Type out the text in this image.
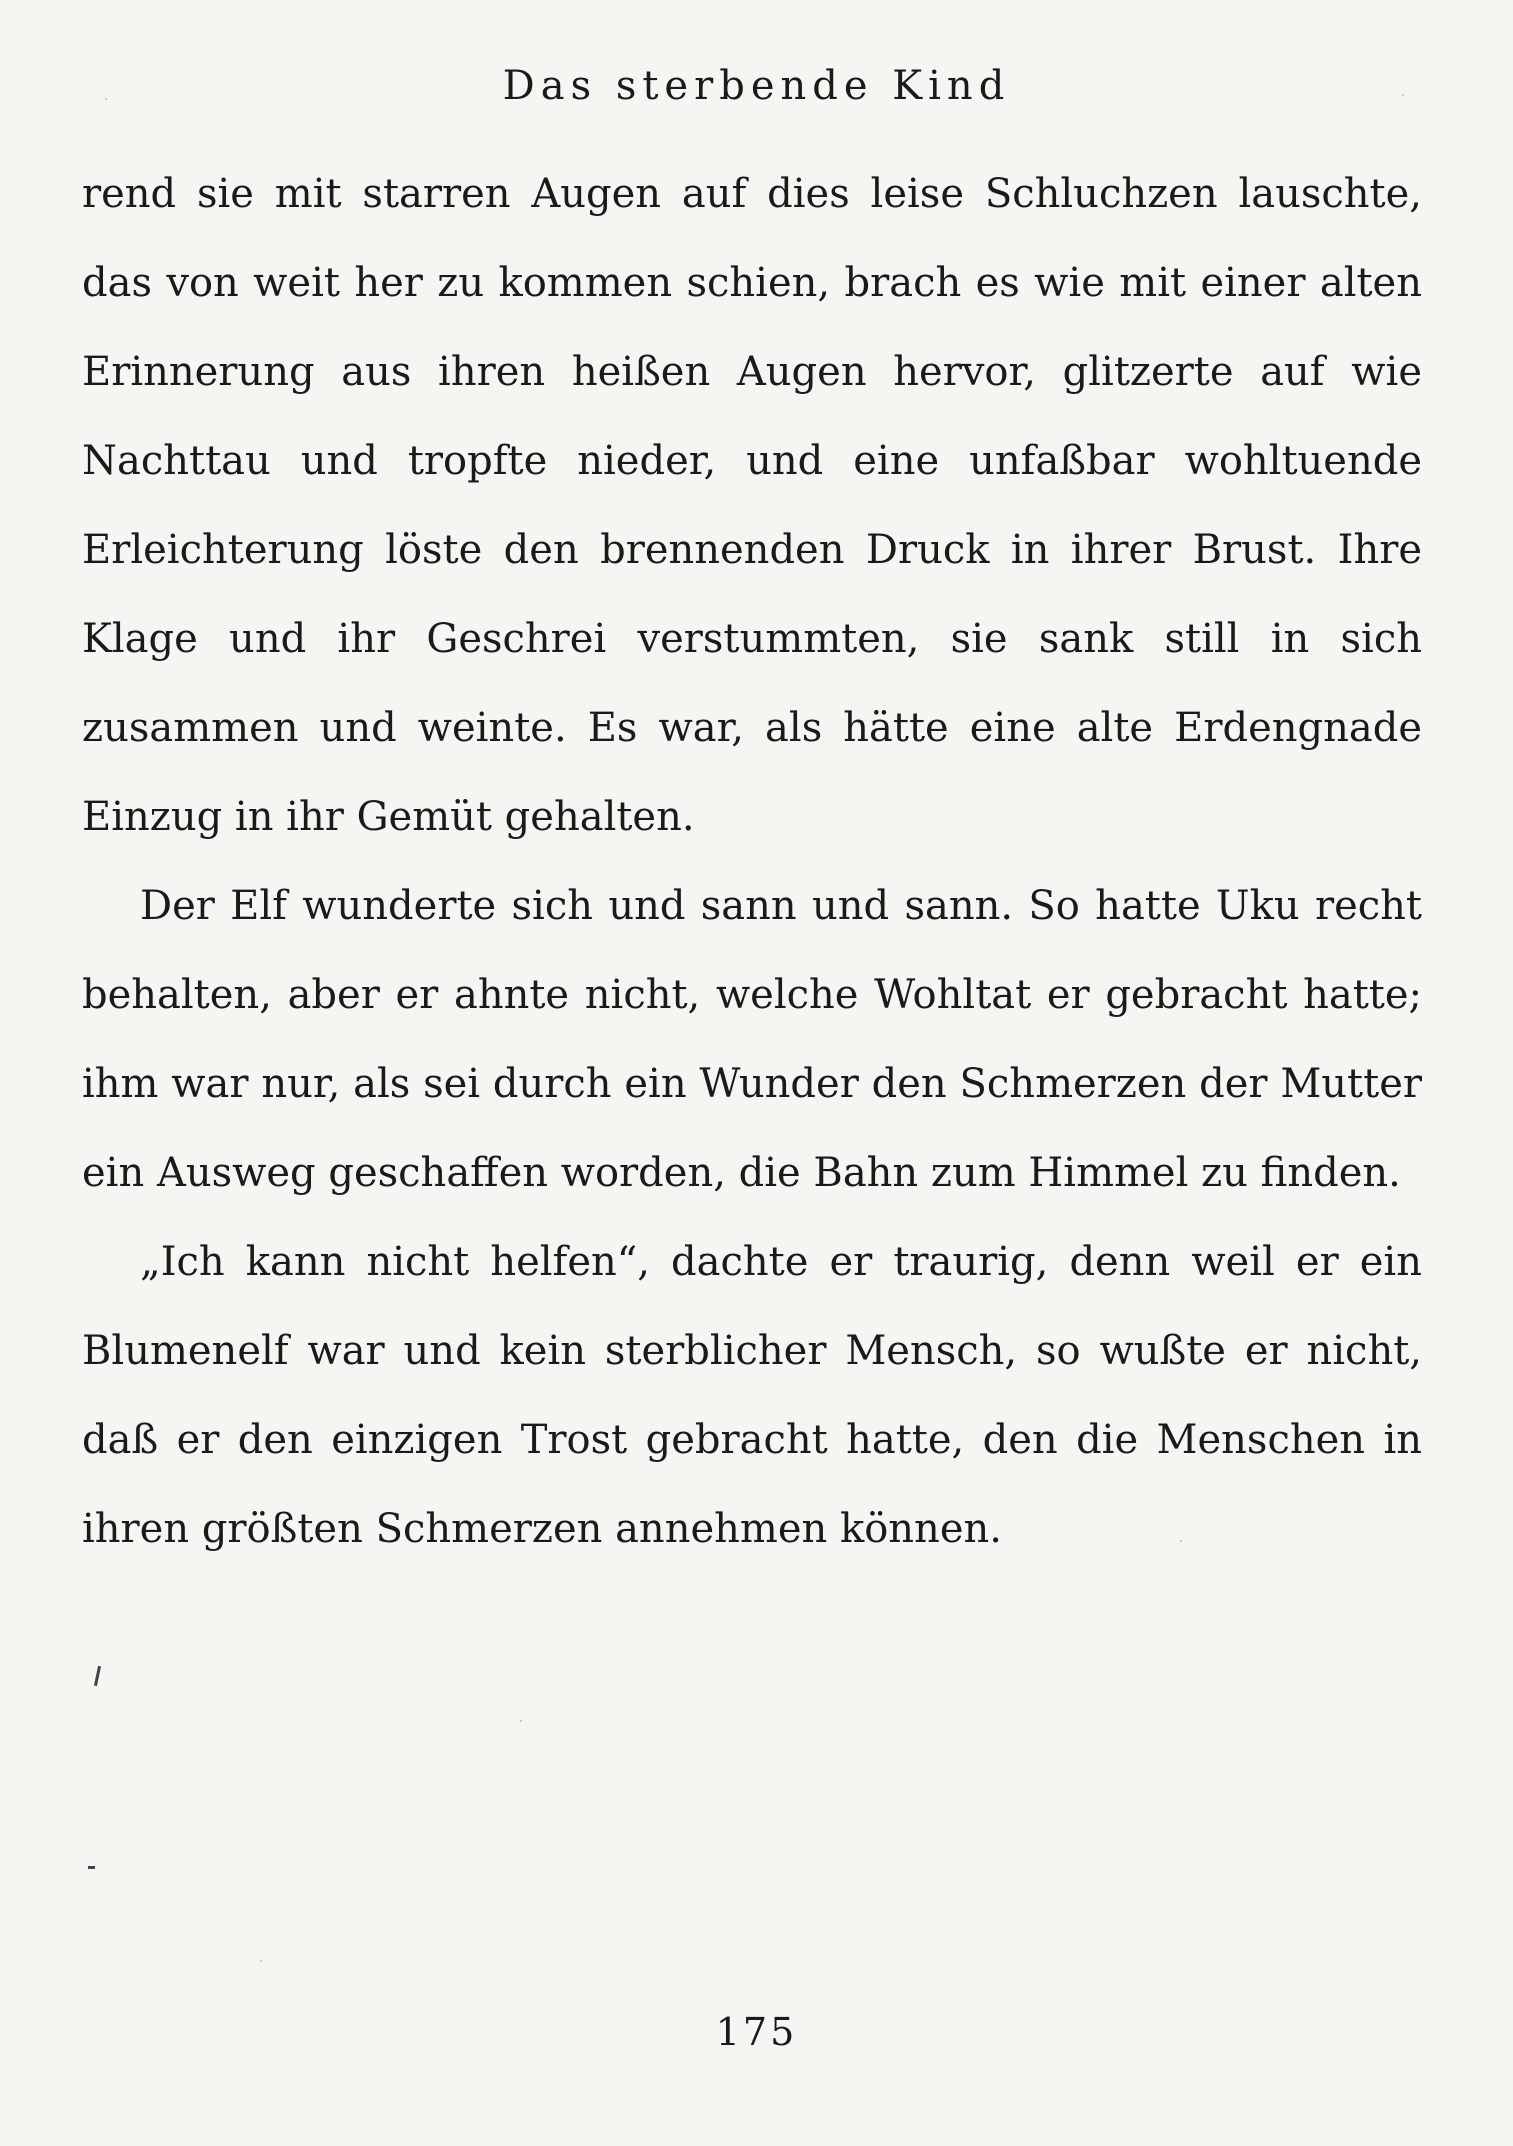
Das sterbende Kind

rend sie mit starren Augen auf dies leise Schluchzen lauschte, das von weit her zu kommen schien, brach es wie mit einer alten Erinnerung aus ihren heißen Augen hervor, glitzerte auf wie Nachttau und tropfte nieder, und eine unfaßbar wohltuende Erleichterung löste den brennenden Druck in ihrer Brust. Ihre Klage und ihr Geschrei verstummten, sie sank still in sich zusammen und weinte. Es war, als hätte eine alte Erdengnade Einzug in ihr Gemüt gehalten.

Der Elf wunderte sich und sann und sann. So hatte Uku recht behalten, aber er ahnte nicht, welche Wohltat er gebracht hatte; ihm war nur, als sei durch ein Wunder den Schmerzen der Mutter ein Ausweg geschaffen worden, die Bahn zum Himmel zu finden.

„Ich kann nicht helfen“, dachte er traurig, denn weil er ein Blumenelf war und kein sterblicher Mensch, so wußte er nicht, daß er den einzigen Trost gebracht hatte, den die Menschen in ihren größten Schmerzen annehmen können.

175
